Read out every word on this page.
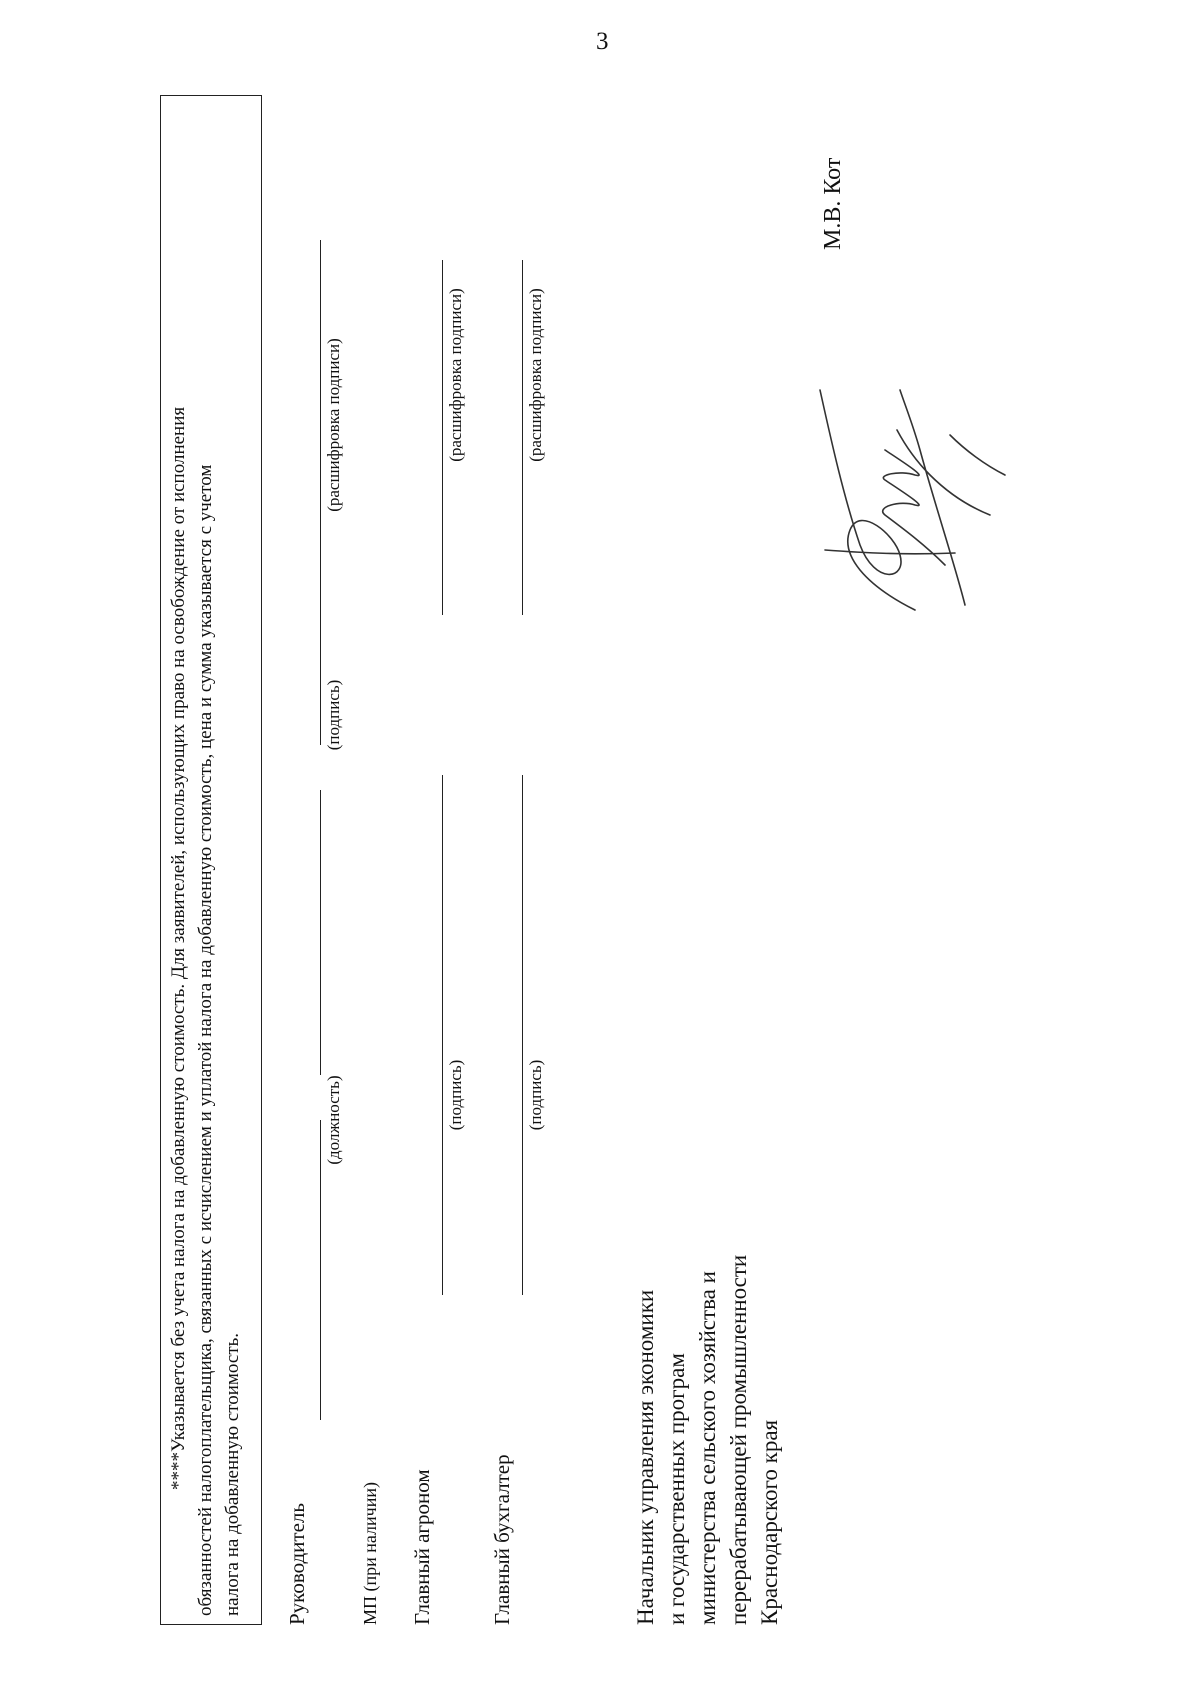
3
****Указывается без учета налога на добавленную стоимость. Для заявителей, использующих право на освобождение от исполнения обязанностей налогоплательщика, связанных с исчислением и уплатой налога на добавленную стоимость, цена и сумма указывается с учетом налога на добавленную стоимость. Руководитель
(должность)
(подпись)
(расшифровка подписи)
МП (при наличии) Главный агроном
(подпись)
(расшифровка подписи)
Главный бухгалтер
(подпись)
(расшифровка подписи)
Начальник управления экономики и государственных програм министерства сельского хозяйства и перерабатывающей промышленности Краснодарского края
М.В. Кот
